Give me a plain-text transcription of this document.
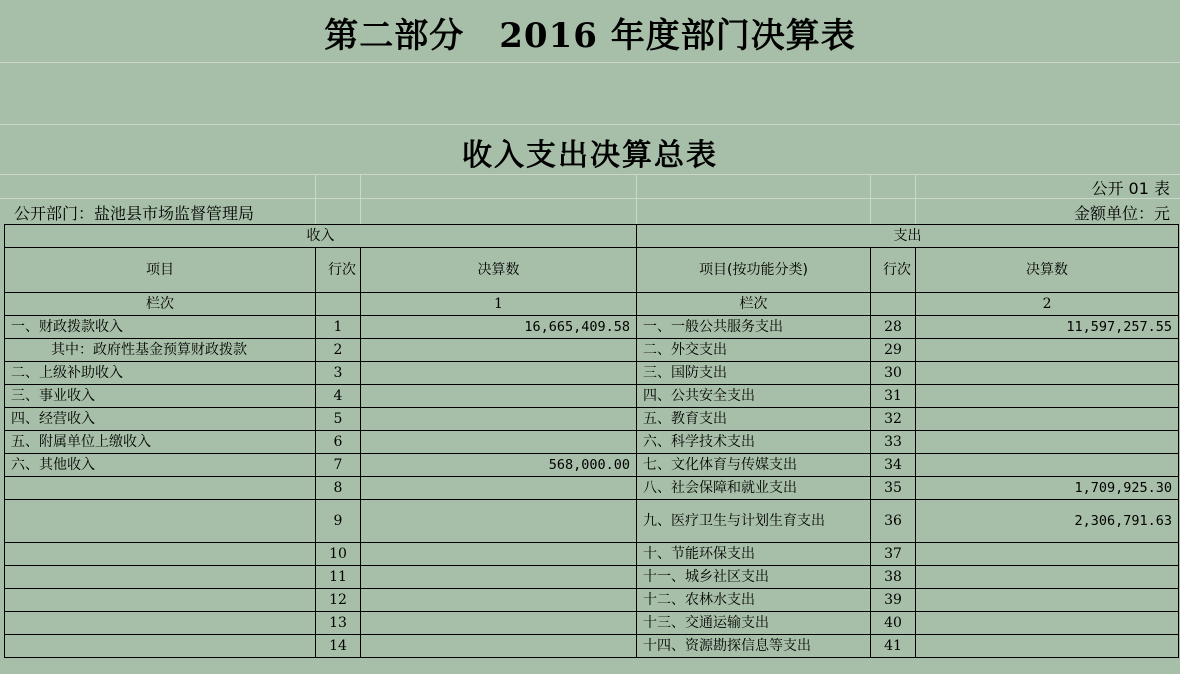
第二部分　2016 年度部门决算表
收入支出决算总表
公开 01 表
公开部门：盐池县市场监督管理局	金额单位：元
收入			支出		
项目	行次	决算数	项目(按功能分类)	行次	决算数
栏次		1	栏次		2
一、财政拨款收入	1	16,665,409.58	一、一般公共服务支出	28	11,597,257.55
其中：政府性基金预算财政拨款	2		二、外交支出	29	
二、上级补助收入	3		三、国防支出	30	
三、事业收入	4		四、公共安全支出	31	
四、经营收入	5		五、教育支出	32	
五、附属单位上缴收入	6		六、科学技术支出	33	
六、其他收入	7	568,000.00	七、文化体育与传媒支出	34	
	8		八、社会保障和就业支出	35	1,709,925.30
	9		九、医疗卫生与计划生育支出	36	2,306,791.63
	10		十、节能环保支出	37	
	11		十一、城乡社区支出	38	
	12		十二、农林水支出	39	
	13		十三、交通运输支出	40	
	14		十四、资源勘探信息等支出	41	
